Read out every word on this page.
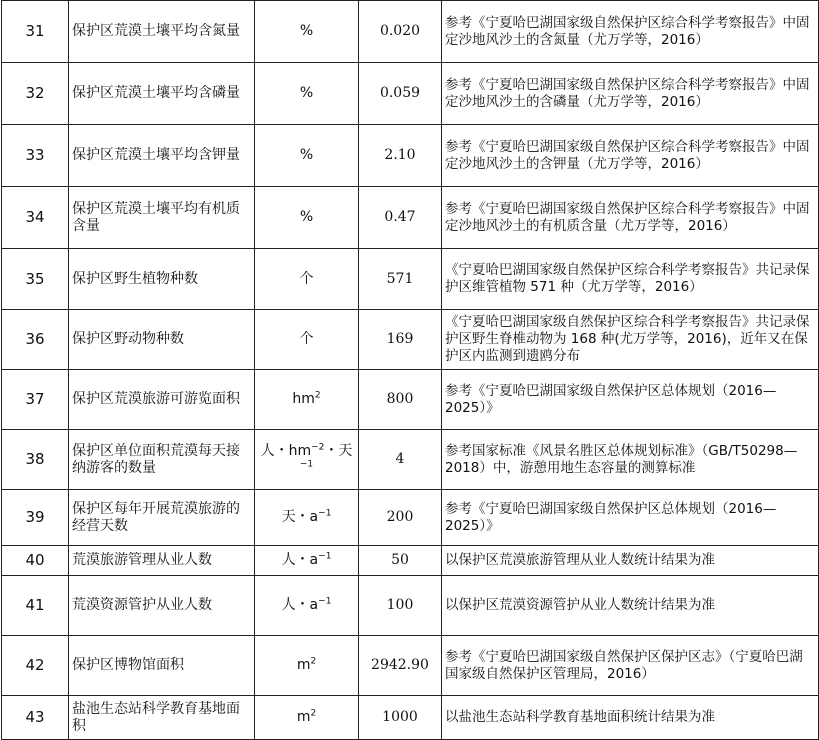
31	保护区荒漠土壤平均含氮量	%	0.020	参考《宁夏哈巴湖国家级自然保护区综合科学考察报告》中固定沙地风沙土的含氮量（尤万学等，2016）
32	保护区荒漠土壤平均含磷量	%	0.059	参考《宁夏哈巴湖国家级自然保护区综合科学考察报告》中固定沙地风沙土的含磷量（尤万学等，2016）
33	保护区荒漠土壤平均含钾量	%	2.10	参考《宁夏哈巴湖国家级自然保护区综合科学考察报告》中固定沙地风沙土的含钾量（尤万学等，2016）
34	保护区荒漠土壤平均有机质含量	%	0.47	参考《宁夏哈巴湖国家级自然保护区综合科学考察报告》中固定沙地风沙土的有机质含量（尤万学等，2016）
35	保护区野生植物种数	个	571	《宁夏哈巴湖国家级自然保护区综合科学考察报告》共记录保护区维管植物 571 种（尤万学等，2016）
36	保护区野动物种数	个	169	《宁夏哈巴湖国家级自然保护区综合科学考察报告》共记录保护区野生脊椎动物为 168 种(尤万学等，2016)，近年又在保护区内监测到遗鸥分布
37	保护区荒漠旅游可游览面积	$hm^2$	800	参考《宁夏哈巴湖国家级自然保护区总体规划（2016—2025）》
38	保护区单位面积荒漠每天接纳游客的数量	人・$hm^{-2}$・天$^{-1}$	4	参考国家标准《风景名胜区总体规划标准》（GB/T50298—2018）中，游憩用地生态容量的测算标准
39	保护区每年开展荒漠旅游的经营天数	天・$a^{-1}$	200	参考《宁夏哈巴湖国家级自然保护区总体规划（2016—2025）》
40	荒漠旅游管理从业人数	人・$a^{-1}$	50	以保护区荒漠旅游管理从业人数统计结果为准
41	荒漠资源管护从业人数	人・$a^{-1}$	100	以保护区荒漠资源管护从业人数统计结果为准
42	保护区博物馆面积	$m^2$	2942.90	参考《宁夏哈巴湖国家级自然保护区保护区志》（宁夏哈巴湖国家级自然保护区管理局，2016）
43	盐池生态站科学教育基地面积	$m^2$	1000	以盐池生态站科学教育基地面积统计结果为准
